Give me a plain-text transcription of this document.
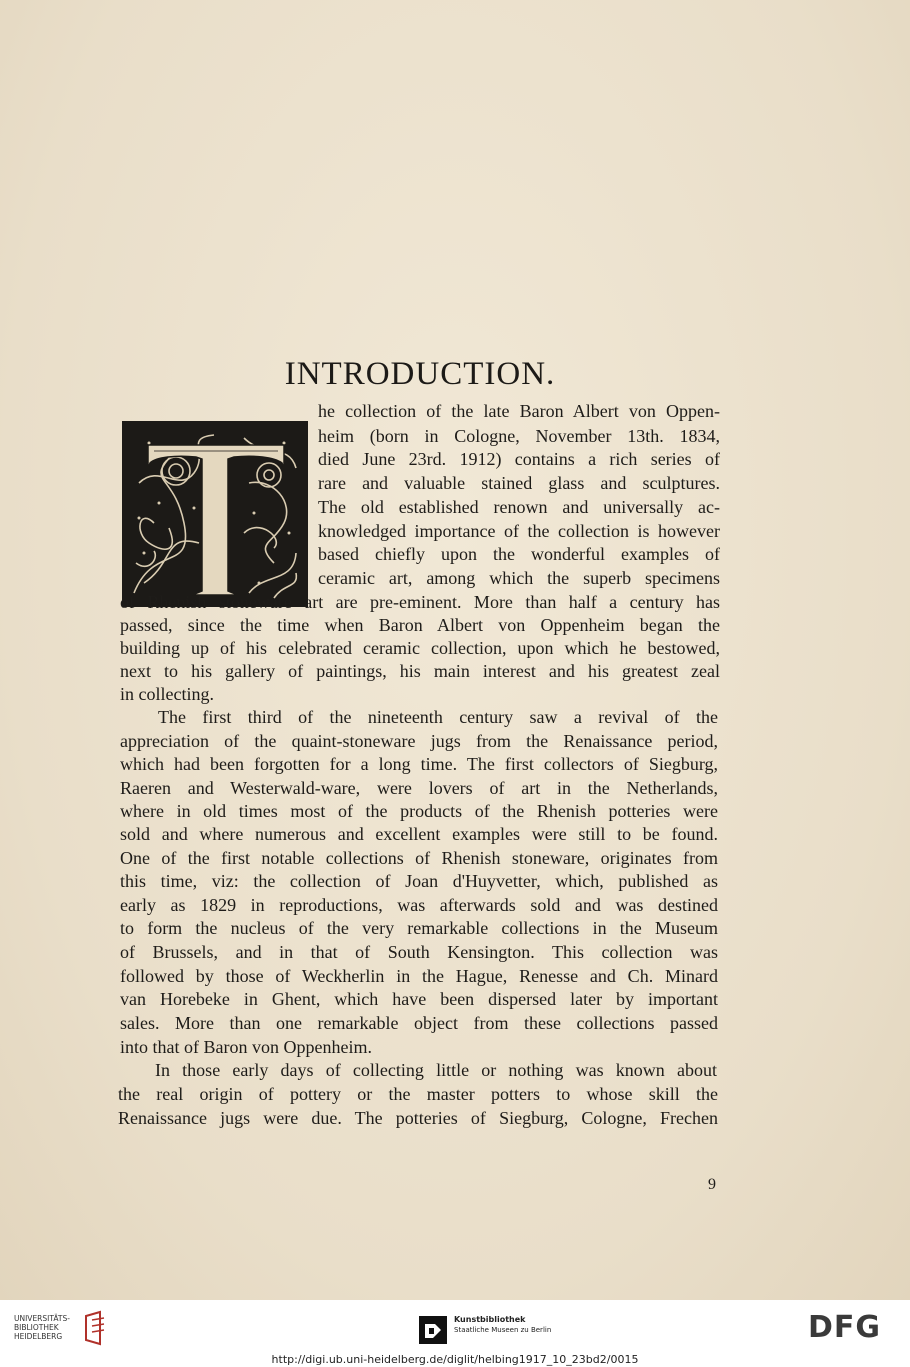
INTRODUCTION.
he collection of the late Baron Albert von Oppen-
heim (born in Cologne, November 13th. 1834,
died June 23rd. 1912) contains a rich series of
rare and valuable stained glass and sculptures.
The old established renown and universally ac-
knowledged importance of the collection is however
based chiefly upon the wonderful examples of
ceramic art, among which the superb specimens
of Rhenish stoneware art are pre-eminent. More than half a century has
passed, since the time when Baron Albert von Oppenheim began the
building up of his celebrated ceramic collection, upon which he bestowed,
next to his gallery of paintings, his main interest and his greatest zeal
in collecting.
The first third of the nineteenth century saw a revival of the
appreciation of the quaint-stoneware jugs from the Renaissance period,
which had been forgotten for a long time. The first collectors of Siegburg,
Raeren and Westerwald-ware, were lovers of art in the Netherlands,
where in old times most of the products of the Rhenish potteries were
sold and where numerous and excellent examples were still to be found.
One of the first notable collections of Rhenish stoneware, originates from
this time, viz: the collection of Joan d'Huyvetter, which, published as
early as 1829 in reproductions, was afterwards sold and was destined
to form the nucleus of the very remarkable collections in the Museum
of Brussels, and in that of South Kensington. This collection was
followed by those of Weckherlin in the Hague, Renesse and Ch. Minard
van Horebeke in Ghent, which have been dispersed later by important
sales. More than one remarkable object from these collections passed
into that of Baron von Oppenheim.
In those early days of collecting little or nothing was known about
the real origin of pottery or the master potters to whose skill the
Renaissance jugs were due. The potteries of Siegburg, Cologne, Frechen
9
UNIVERSITÄTS-
BIBLIOTHEK
HEIDELBERG
Kunstbibliothek
Staatliche Museen zu Berlin	DFG
http://digi.ub.uni-heidelberg.de/diglit/helbing1917_10_23bd2/0015
